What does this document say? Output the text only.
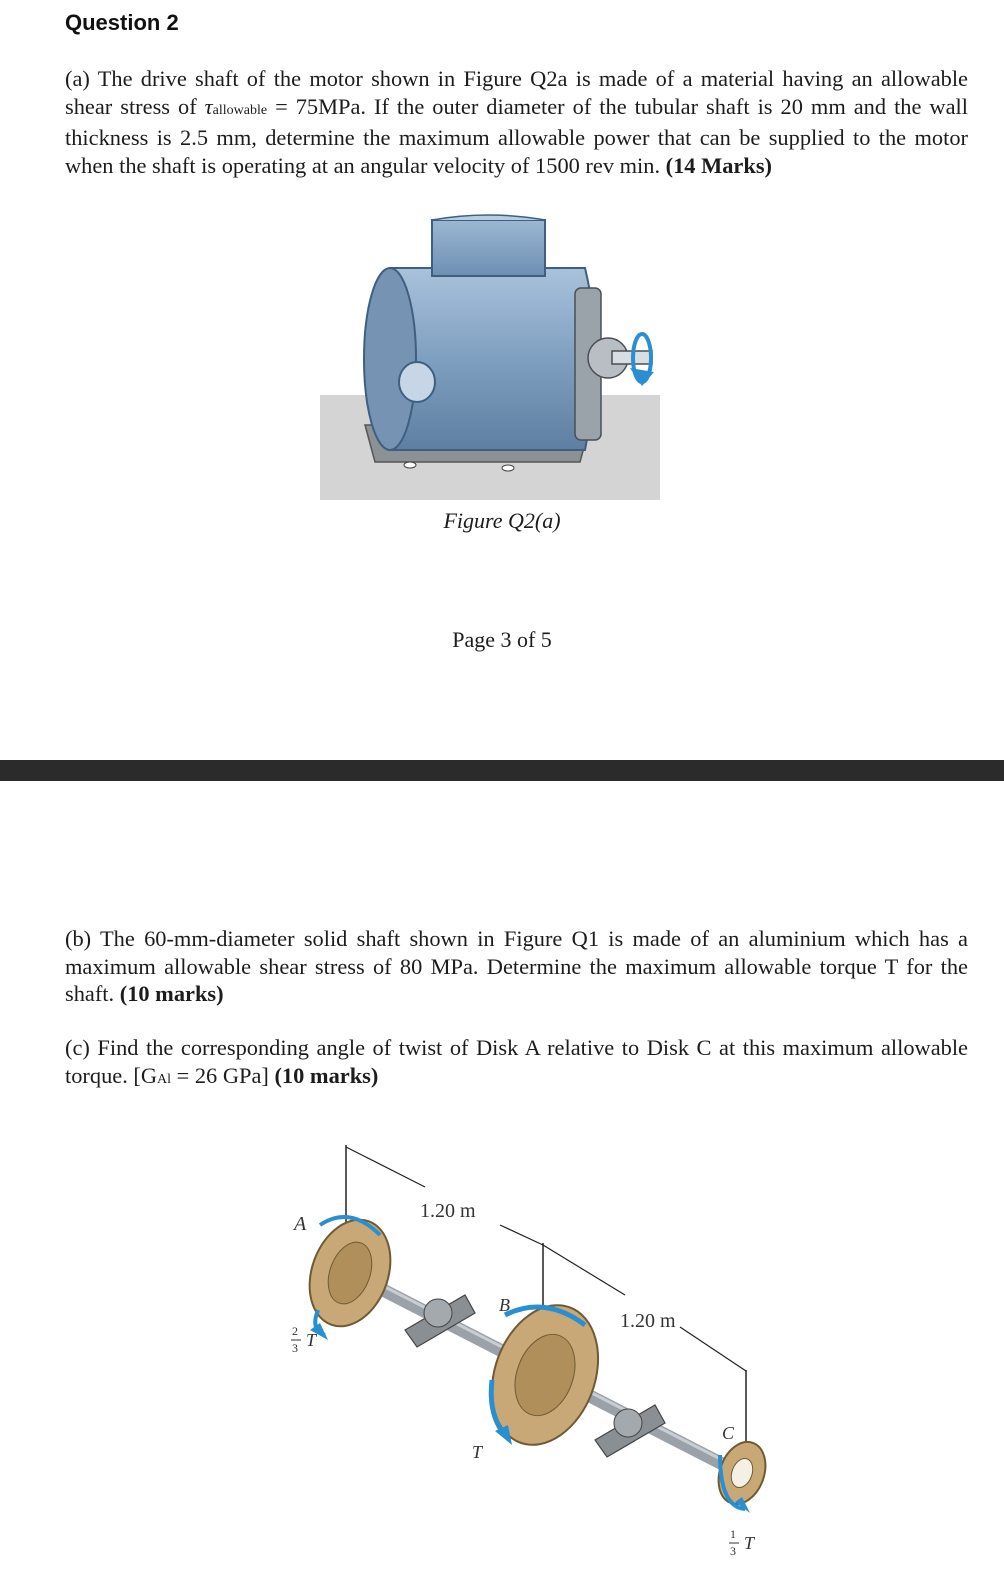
Question 2
(a) The drive shaft of the motor shown in Figure Q2a is made of a material having an allowable shear stress of τallowable = 75MPa. If the outer diameter of the tubular shaft is 20 mm and the wall thickness is 2.5 mm, determine the maximum allowable power that can be supplied to the motor when the shaft is operating at an angular velocity of 1500 rev min. (14 Marks)
Figure Q2(a)
Page 3 of 5
(b) The 60-mm-diameter solid shaft shown in Figure Q1 is made of an aluminium which has a maximum allowable shear stress of 80 MPa. Determine the maximum allowable torque T for the shaft. (10 marks)
(c) Find the corresponding angle of twist of Disk A relative to Disk C at this maximum allowable torque. [GAl = 26 GPa] (10 marks)
1.20 m
1.20 m
A
B
T
C
2
3 T
1
3 T
